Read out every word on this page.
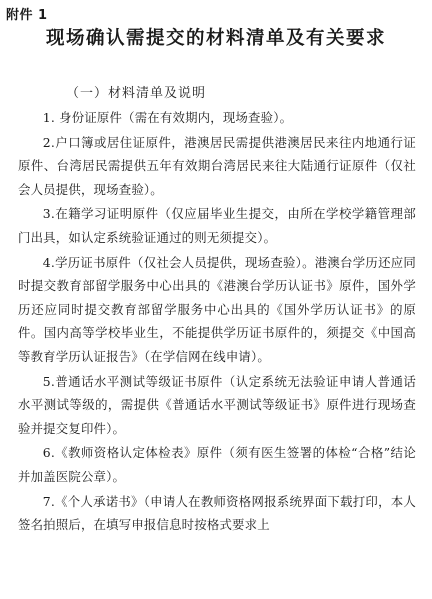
附件 1
现场确认需提交的材料清单及有关要求
（一）材料清单及说明

1. 身份证原件（需在有效期内，现场查验）。

2.户口簿或居住证原件，港澳居民需提供港澳居民来往内地通行证原件、台湾居民需提供五年有效期台湾居民来往大陆通行证原件（仅社会人员提供，现场查验）。

3.在籍学习证明原件（仅应届毕业生提交，由所在学校学籍管理部门出具，如认定系统验证通过的则无须提交）。

4.学历证书原件（仅社会人员提供，现场查验）。港澳台学历还应同时提交教育部留学服务中心出具的《港澳台学历认证书》原件，国外学历还应同时提交教育部留学服务中心出具的《国外学历认证书》的原件。国内高等学校毕业生，不能提供学历证书原件的，须提交《中国高等教育学历认证报告》（在学信网在线申请）。

5.普通话水平测试等级证书原件（认定系统无法验证申请人普通话水平测试等级的，需提供《普通话水平测试等级证书》原件进行现场查验并提交复印件）。

6.《教师资格认定体检表》原件（须有医生签署的体检“合格”结论并加盖医院公章）。

7.《个人承诺书》（申请人在教师资格网报系统界面下载打印，本人签名拍照后，在填写申报信息时按格式要求上
